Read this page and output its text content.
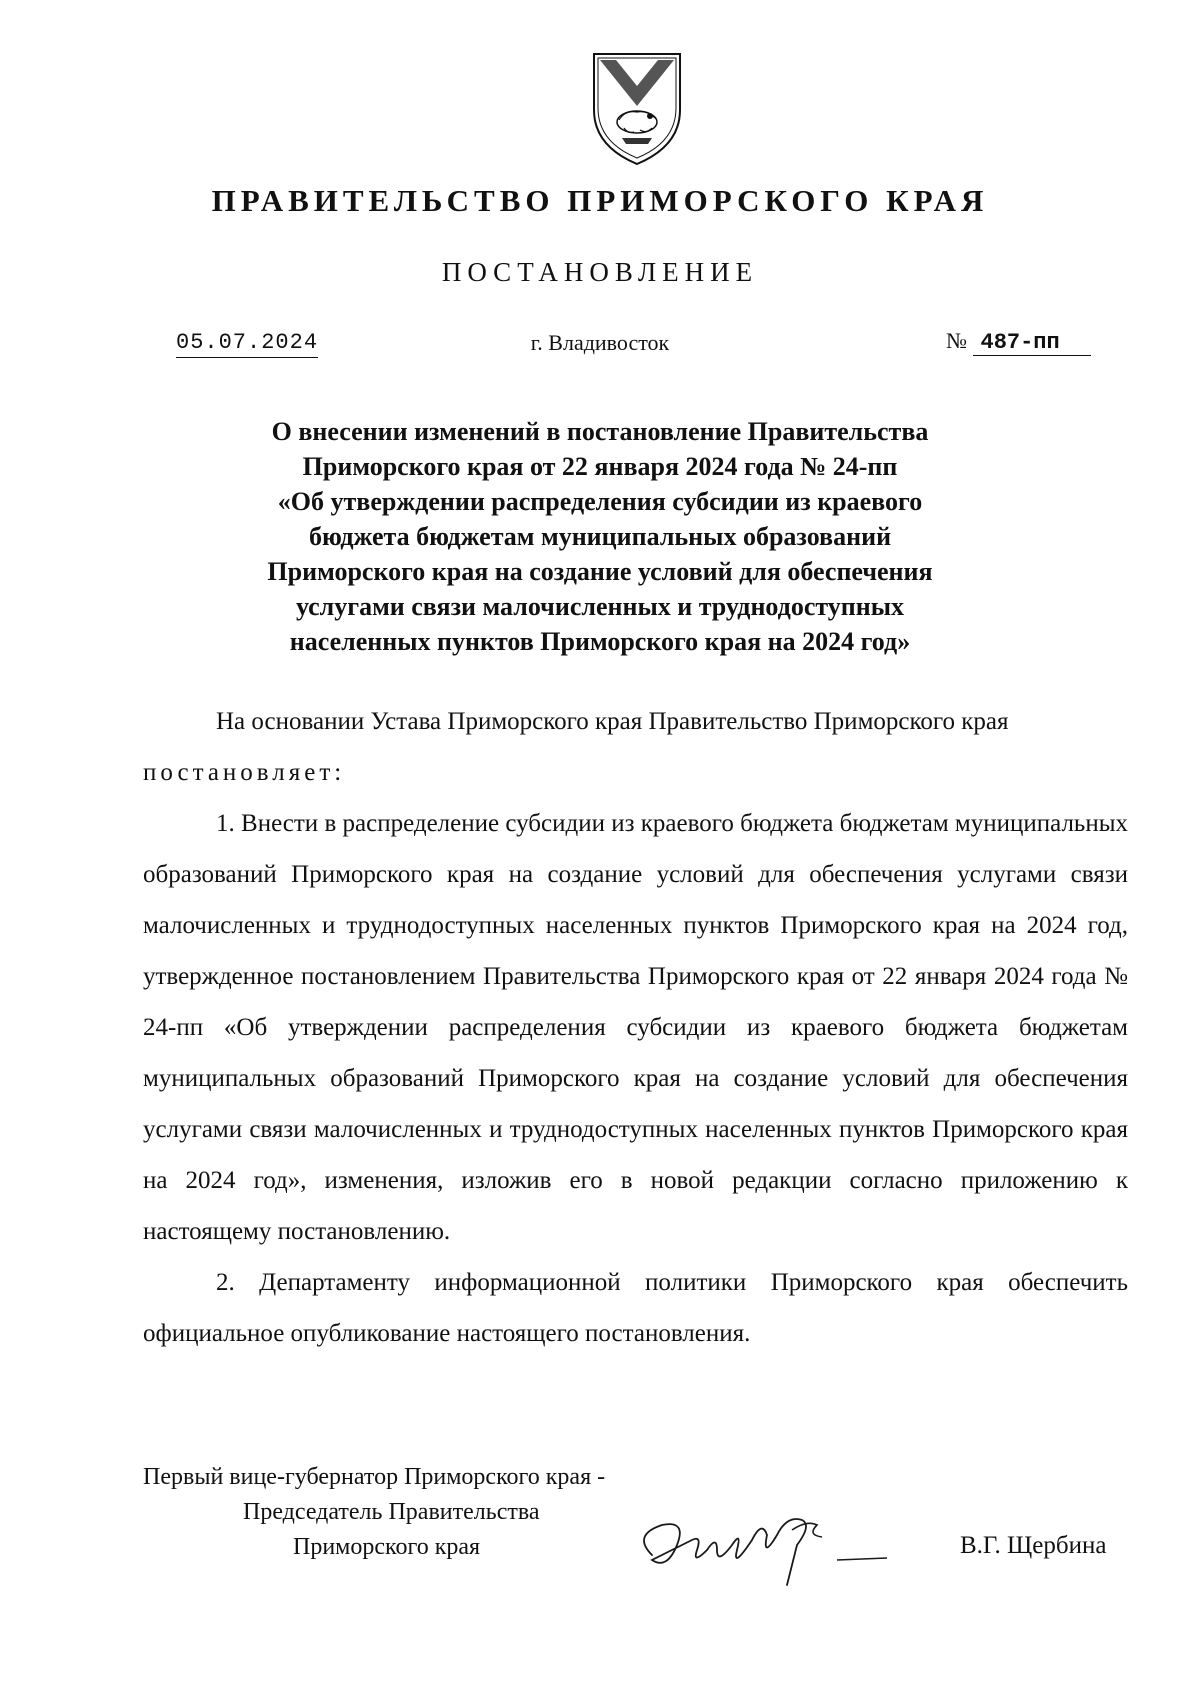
ПРАВИТЕЛЬСТВО ПРИМОРСКОГО КРАЯ
ПОСТАНОВЛЕНИЕ
05.07.2024	г. Владивосток	№ 487-пп
О внесении изменений в постановление Правительства
Приморского края от 22 января 2024 года № 24-пп
«Об утверждении распределения субсидии из краевого
бюджета бюджетам муниципальных образований
Приморского края на создание условий для обеспечения
услугами связи малочисленных и труднодоступных
населенных пунктов Приморского края на 2024 год»

На основании Устава Приморского края Правительство Приморского края

постановляет:

1. Внести в распределение субсидии из краевого бюджета бюджетам муниципальных образований Приморского края на создание условий для обеспечения услугами связи малочисленных и труднодоступных населенных пунктов Приморского края на 2024 год, утвержденное постановлением Правительства Приморского края от 22 января 2024 года № 24-пп «Об утверждении распределения субсидии из краевого бюджета бюджетам муниципальных образований Приморского края на создание условий для обеспечения услугами связи малочисленных и труднодоступных населенных пунктов Приморского края на 2024 год», изменения, изложив его в новой редакции согласно приложению к настоящему постановлению.

2. Департаменту информационной политики Приморского края обеспечить официальное опубликование настоящего постановления.

Первый вице-губернатор Приморского края -
Председатель Правительства
Приморского края	В.Г. Щербина
